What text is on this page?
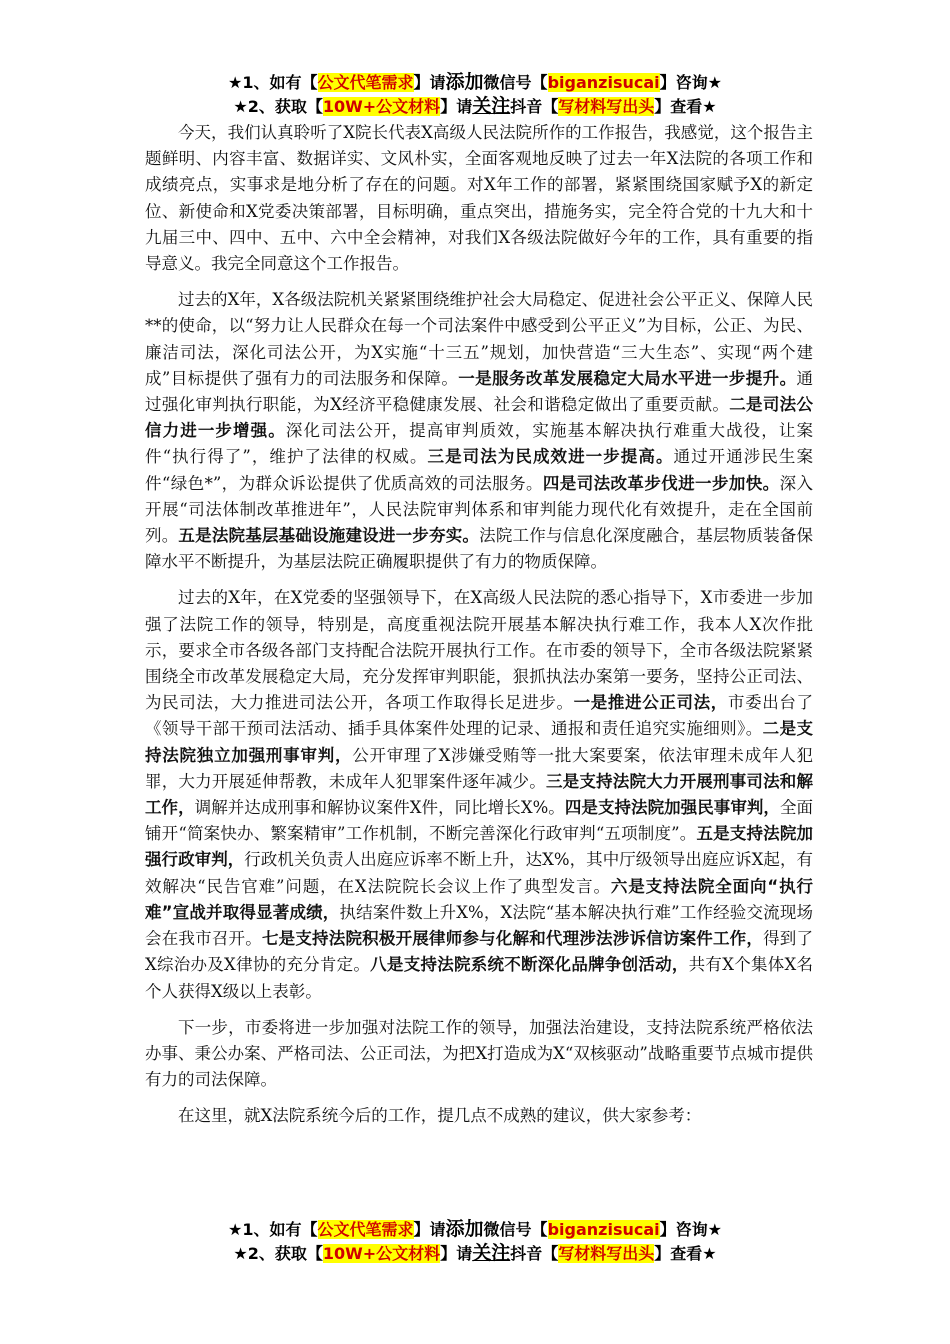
★1、如有【公文代笔需求】请添加微信号【biganzisucai】咨询★
★2、获取【10W+公文材料】请关注抖音【写材料写出头】查看★

今天，我们认真聆听了X院长代表X高级人民法院所作的工作报告，我感觉，这个报告主题鲜明、内容丰富、数据详实、文风朴实，全面客观地反映了过去一年X法院的各项工作和成绩亮点，实事求是地分析了存在的问题。对X年工作的部署，紧紧围绕国家赋予X的新定位、新使命和X党委决策部署，目标明确，重点突出，措施务实，完全符合党的十九大和十九届三中、四中、五中、六中全会精神，对我们X各级法院做好今年的工作，具有重要的指导意义。我完全同意这个工作报告。

过去的X年，X各级法院机关紧紧围绕维护社会大局稳定、促进社会公平正义、保障人民**的使命，以“努力让人民群众在每一个司法案件中感受到公平正义”为目标，公正、为民、廉洁司法，深化司法公开，为X实施“十三五”规划，加快营造“三大生态”、实现“两个建成”目标提供了强有力的司法服务和保障。一是服务改革发展稳定大局水平进一步提升。通过强化审判执行职能，为X经济平稳健康发展、社会和谐稳定做出了重要贡献。二是司法公信力进一步增强。深化司法公开，提高审判质效，实施基本解决执行难重大战役，让案件“执行得了”，维护了法律的权威。三是司法为民成效进一步提高。通过开通涉民生案件“绿色*”，为群众诉讼提供了优质高效的司法服务。四是司法改革步伐进一步加快。深入开展“司法体制改革推进年”，人民法院审判体系和审判能力现代化有效提升，走在全国前列。五是法院基层基础设施建设进一步夯实。法院工作与信息化深度融合，基层物质装备保障水平不断提升，为基层法院正确履职提供了有力的物质保障。

过去的X年，在X党委的坚强领导下，在X高级人民法院的悉心指导下，X市委进一步加强了法院工作的领导，特别是，高度重视法院开展基本解决执行难工作，我本人X次作批示，要求全市各级各部门支持配合法院开展执行工作。在市委的领导下，全市各级法院紧紧围绕全市改革发展稳定大局，充分发挥审判职能，狠抓执法办案第一要务，坚持公正司法、为民司法，大力推进司法公开，各项工作取得长足进步。一是推进公正司法，市委出台了《领导干部干预司法活动、插手具体案件处理的记录、通报和责任追究实施细则》。二是支持法院独立加强刑事审判，公开审理了X涉嫌受贿等一批大案要案，依法审理未成年人犯罪，大力开展延伸帮教，未成年人犯罪案件逐年减少。三是支持法院大力开展刑事司法和解工作，调解并达成刑事和解协议案件X件，同比增长X%。四是支持法院加强民事审判，全面铺开“简案快办、繁案精审”工作机制，不断完善深化行政审判“五项制度”。五是支持法院加强行政审判，行政机关负责人出庭应诉率不断上升，达X%，其中厅级领导出庭应诉X起，有效解决“民告官难”问题，在X法院院长会议上作了典型发言。六是支持法院全面向“执行难”宣战并取得显著成绩，执结案件数上升X%，X法院“基本解决执行难”工作经验交流现场会在我市召开。七是支持法院积极开展律师参与化解和代理涉法涉诉信访案件工作，得到了X综治办及X律协的充分肯定。八是支持法院系统不断深化品牌争创活动，共有X个集体X名个人获得X级以上表彰。

下一步，市委将进一步加强对法院工作的领导，加强法治建设，支持法院系统严格依法办事、秉公办案、严格司法、公正司法，为把X打造成为X“双核驱动”战略重要节点城市提供有力的司法保障。

在这里，就X法院系统今后的工作，提几点不成熟的建议，供大家参考：

★1、如有【公文代笔需求】请添加微信号【biganzisucai】咨询★
★2、获取【10W+公文材料】请关注抖音【写材料写出头】查看★
